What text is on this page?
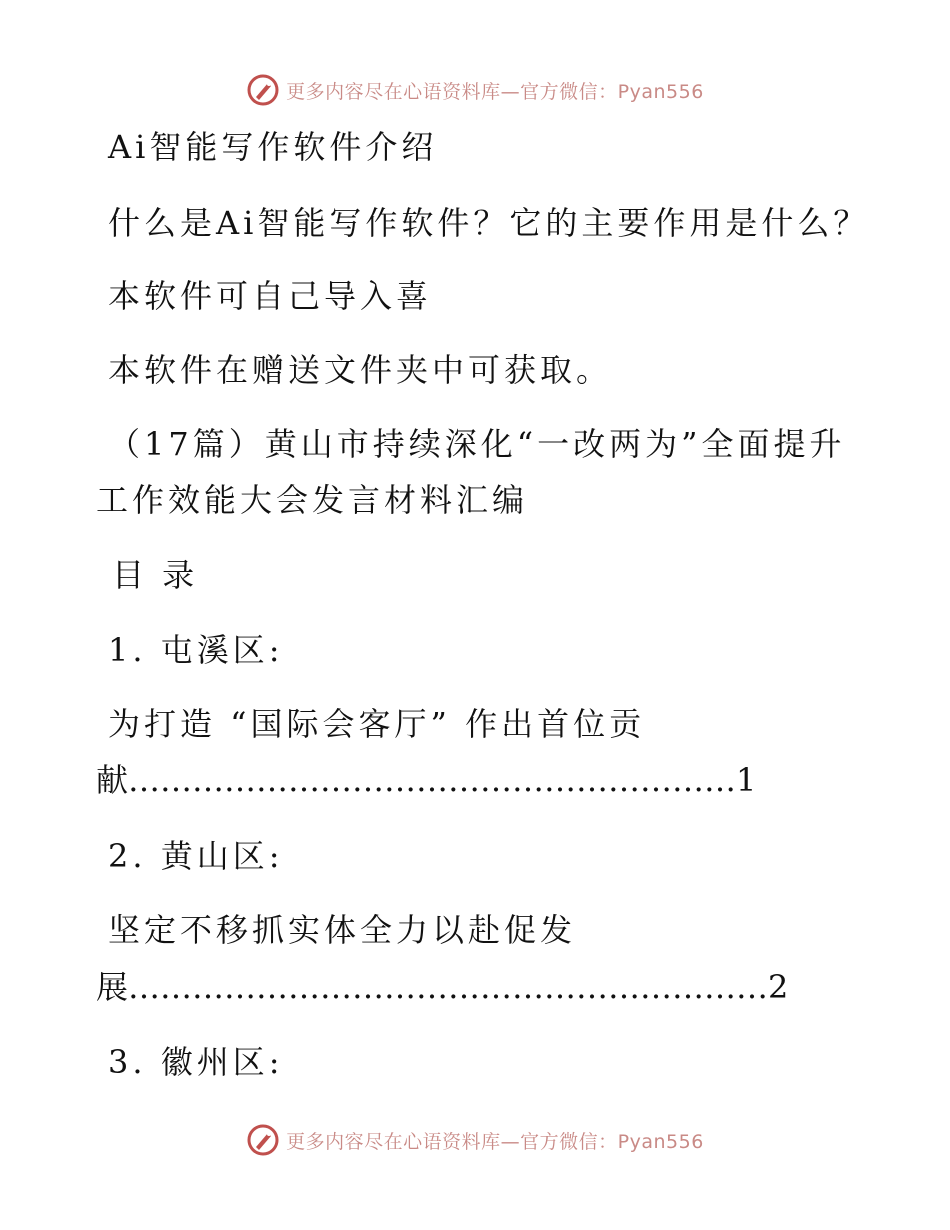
更多内容尽在心语资料库—官方微信：Pyan556
Ai智能写作软件介绍
什么是Ai智能写作软件？它的主要作用是什么？
本软件可自己导入喜
本软件在赠送文件夹中可获取。
（17篇）黄山市持续深化“一改两为”全面提升
工作效能大会发言材料汇编
目 录
1. 屯溪区:
为打造 “国际会客厅” 作出首位贡
献…………………………………………………1
2. 黄山区:
坚定不移抓实体全力以赴促发
展……………………………………………………2
3. 徽州区:
更多内容尽在心语资料库—官方微信：Pyan556
